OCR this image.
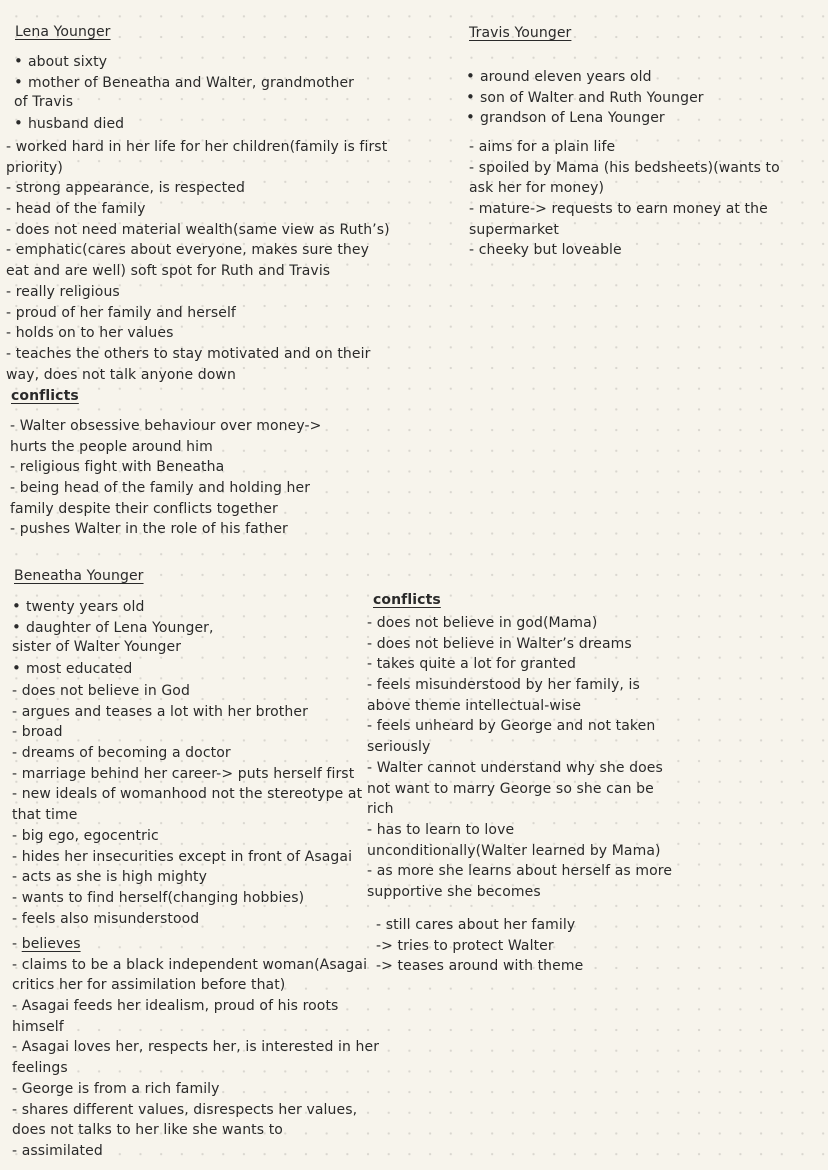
Lena Younger
• about sixty
• mother of Beneatha and Walter, grandmother
of Travis
• husband died
- worked hard in her life for her children(family is first
priority)
- strong appearance, is respected
- head of the family
- does not need material wealth(same view as Ruth’s)
- emphatic(cares about everyone, makes sure they
eat and are well) soft spot for Ruth and Travis
- really religious
- proud of her family and herself
- holds on to her values
- teaches the others to stay motivated and on their
way, does not talk anyone down
conflicts
- Walter obsessive behaviour over money->
hurts the people around him
- religious fight with Beneatha
- being head of the family and holding her
family despite their conflicts together
- pushes Walter in the role of his father
Travis Younger
• around eleven years old
• son of Walter and Ruth Younger
• grandson of Lena Younger
- aims for a plain life
- spoiled by Mama (his bedsheets)(wants to
ask her for money)
- mature-> requests to earn money at the
supermarket
- cheeky but loveable
Beneatha Younger
• twenty years old
• daughter of Lena Younger,
sister of Walter Younger
• most educated
- does not believe in God
- argues and teases a lot with her brother
- broad
- dreams of becoming a doctor
- marriage behind her career-> puts herself first
- new ideals of womanhood not the stereotype at
that time
- big ego, egocentric
- hides her insecurities except in front of Asagai
- acts as she is high mighty
- wants to find herself(changing hobbies)
- feels also misunderstood
- believes
- claims to be a black independent woman(Asagai
critics her for assimilation before that)
- Asagai feeds her idealism, proud of his roots
himself
- Asagai loves her, respects her, is interested in her
feelings
- George is from a rich family
- shares different values, disrespects her values,
does not talks to her like she wants to
- assimilated
conflicts
- does not believe in god(Mama)
- does not believe in Walter’s dreams
- takes quite a lot for granted
- feels misunderstood by her family, is
above theme intellectual-wise
- feels unheard by George and not taken
seriously
- Walter cannot understand why she does
not want to marry George so she can be
rich
- has to learn to love
unconditionally(Walter learned by Mama)
- as more she learns about herself as more
supportive she becomes
- still cares about her family
-> tries to protect Walter
-> teases around with theme
